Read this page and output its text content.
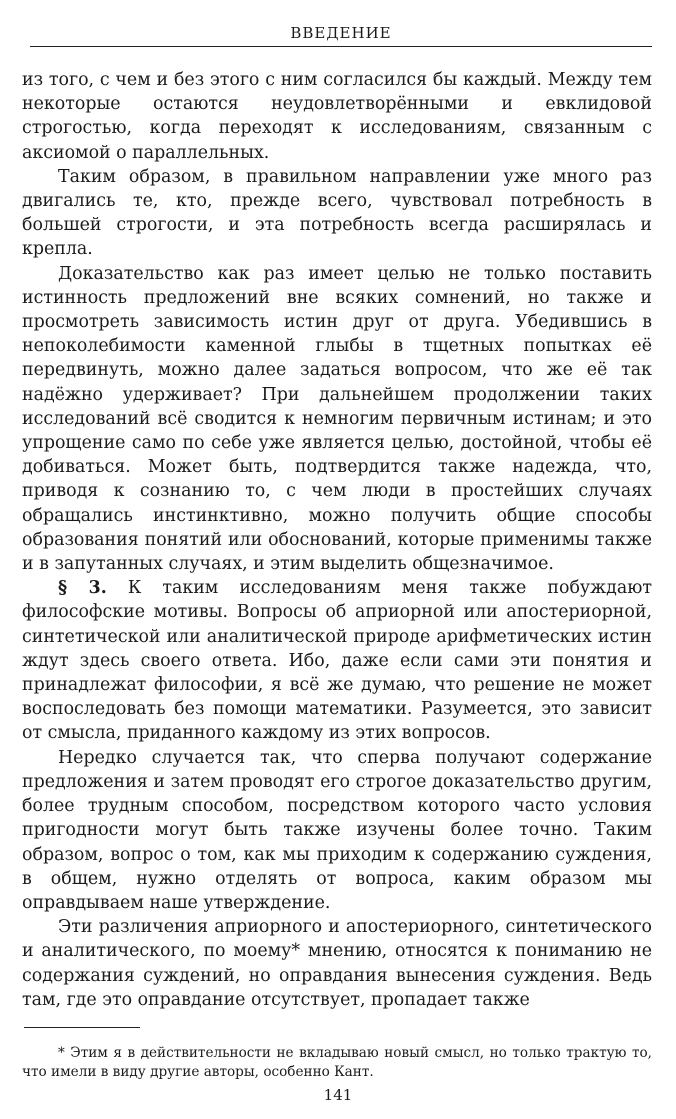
ВВЕДЕНИЕ

из того, с чем и без этого с ним согласился бы каждый. Между тем некоторые остаются неудовлетворёнными и евклидовой строгостью, когда переходят к исследованиям, связанным с аксиомой о параллельных.

Таким образом, в правильном направлении уже много раз двигались те, кто, прежде всего, чувствовал потребность в большей строгости, и эта потребность всегда расширялась и крепла.

Доказательство как раз имеет целью не только поставить истинность предложений вне всяких сомнений, но также и просмотреть зависимость истин друг от друга. Убедившись в непоколебимости каменной глыбы в тщетных попытках её передвинуть, можно далее задаться вопросом, что же её так надёжно удерживает? При дальнейшем продолжении таких исследований всё сводится к немногим первичным истинам; и это упрощение само по себе уже является целью, достойной, чтобы её добиваться. Может быть, подтвердится также надежда, что, приводя к сознанию то, с чем люди в простейших случаях обращались инстинктивно, можно получить общие способы образования понятий или обоснований, которые применимы также и в запутанных случаях, и этим выделить общезначимое.

§ 3. К таким исследованиям меня также побуждают философские мотивы. Вопросы об априорной или апостериорной, синтетической или аналитической природе арифметических истин ждут здесь своего ответа. Ибо, даже если сами эти понятия и принадлежат философии, я всё же думаю, что решение не может воспоследовать без помощи математики. Разумеется, это зависит от смысла, приданного каждому из этих вопросов.

Нередко случается так, что сперва получают содержание предложения и затем проводят его строгое доказательство другим, более трудным способом, посредством которого часто условия пригодности могут быть также изучены более точно. Таким образом, вопрос о том, как мы приходим к содержанию суждения, в общем, нужно отделять от вопроса, каким образом мы оправдываем наше утверждение.

Эти различения априорного и апостериорного, синтетического и аналитического, по моему* мнению, относятся к пониманию не содержания суждений, но оправдания вынесения суждения. Ведь там, где это оправдание отсутствует, пропадает также

* Этим я в действительности не вкладываю новый смысл, но только трактую то, что имели в виду другие авторы, особенно Кант.
141
